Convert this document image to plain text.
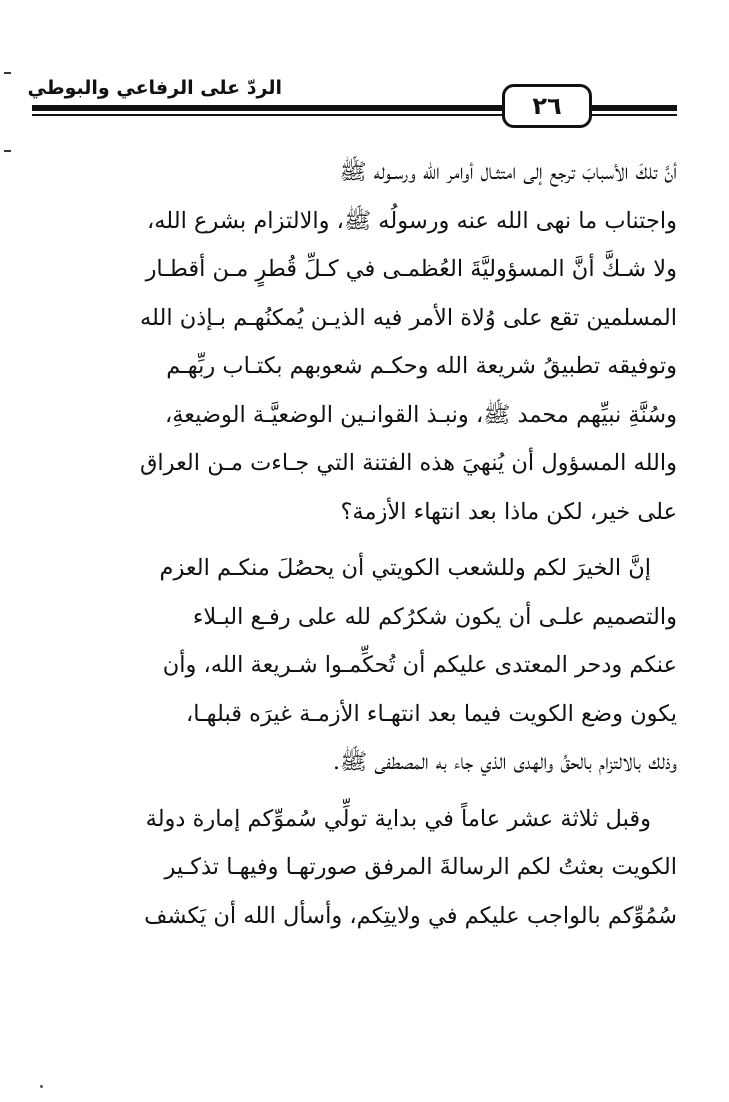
الردّ على الرفاعي والبوطي
٢٦
أنَّ تلكَ الأسبابَ ترجع إلى امتثـال أوامر الله ورسـوله ﷺ
واجتناب ما نهى الله عنه ورسولُه ﷺ، والالتزام بشرع الله،
ولا شـكَّ أنَّ المسؤوليَّةَ العُظمـى في كـلِّ قُطرٍ مـن أقطـار
المسلمين تقع على وُلاة الأمر فيه الذيـن يُمكنُهـم بـإذن الله
وتوفيقه تطبيقُ شريعة الله وحكـم شعوبهم بكتـاب ربِّهـم
وسُنَّةِ نبيِّهم محمد ﷺ، ونبـذ القوانـين الوضعيَّـة الوضيعةِ،
والله المسؤول أن يُنهيَ هذه الفتنة التي جـاءت مـن العراق
على خير، لكن ماذا بعد انتهاء الأزمة؟
إنَّ الخيرَ لكم وللشعب الكويتي أن يحصُلَ منكـم العزم
والتصميم علـى أن يكون شكرُكم لله على رفـع البـلاء
عنكم ودحر المعتدى عليكم أن تُحكِّمـوا شـريعة الله، وأن
يكون وضع الكويت فيما بعد انتهـاء الأزمـة غيرَه قبلهـا،
وذلك بالالتزام بالحقِّ والهدى الذي جاء به المصطفى ﷺ.
وقبل ثلاثة عشر عاماً في بداية تولِّي سُموِّكم إمارة دولة
الكويت بعثتُ لكم الرسالةَ المرفق صورتهـا وفيهـا تذكـير
سُمُوِّكم بالواجب عليكم في ولايتِكم، وأسأل الله أن يَكشف
